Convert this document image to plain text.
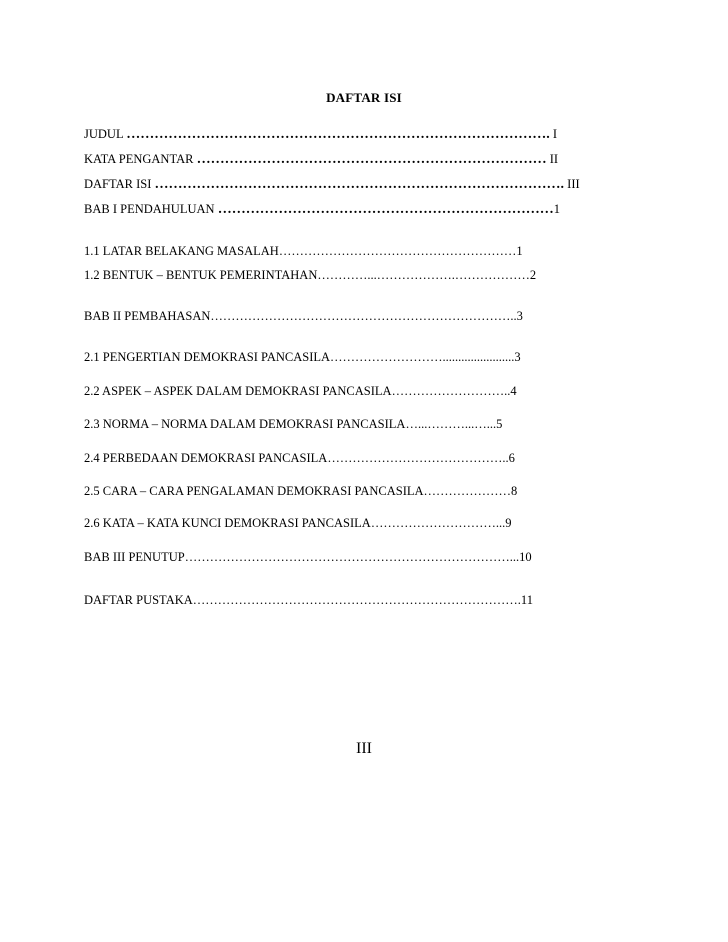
DAFTAR ISI
JUDUL ………………………………………………………………………………. I
KATA PENGANTAR ………………………………………………………………… II
DAFTAR ISI ……………………………………………………………………………. III
BAB I PENDAHULUAN ………………………………………………………………1
1.1 LATAR BELAKANG MASALAH…………………………………………………1
1.2 BENTUK – BENTUK PEMERINTAHAN…………...……………….………………2
BAB II PEMBAHASAN………………………………………………………………..3
2.1 PENGERTIAN DEMOKRASI PANCASILA……………………….......................3
2.2 ASPEK – ASPEK DALAM DEMOKRASI PANCASILA………………………..4
2.3 NORMA – NORMA DALAM DEMOKRASI PANCASILA…...………...…...5
2.4 PERBEDAAN DEMOKRASI PANCASILA……………………………………..6
2.5 CARA – CARA PENGALAMAN DEMOKRASI PANCASILA…………………8
2.6 KATA – KATA KUNCI DEMOKRASI PANCASILA…………………………...9
BAB III PENUTUP……………………………………………………………………...10
DAFTAR PUSTAKA…………………………………………………………………….11
III
